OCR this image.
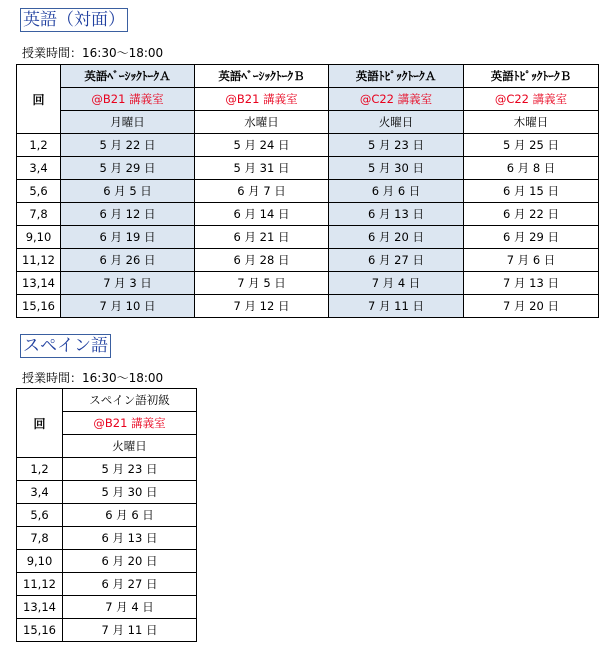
英語（対面）
授業時間：16:30〜18:00
回	英語ﾍﾞｰｼｯｸﾄｰｸＡ	英語ﾍﾞｰｼｯｸﾄｰｸＢ	英語ﾄﾋﾟｯｸﾄｰｸＡ	英語ﾄﾋﾟｯｸﾄｰｸＢ
	@B21 講義室	@B21 講義室	@C22 講義室	@C22 講義室
	月曜日	水曜日	火曜日	木曜日
1,2	5 月 22 日	5 月 24 日	5 月 23 日	5 月 25 日
3,4	5 月 29 日	5 月 31 日	5 月 30 日	6 月 8 日
5,6	6 月 5 日	6 月 7 日	6 月 6 日	6 月 15 日
7,8	6 月 12 日	6 月 14 日	6 月 13 日	6 月 22 日
9,10	6 月 19 日	6 月 21 日	6 月 20 日	6 月 29 日
11,12	6 月 26 日	6 月 28 日	6 月 27 日	7 月 6 日
13,14	7 月 3 日	7 月 5 日	7 月 4 日	7 月 13 日
15,16	7 月 10 日	7 月 12 日	7 月 11 日	7 月 20 日
スペイン語
授業時間：16:30〜18:00
回	スペイン語初級
	@B21 講義室
	火曜日
1,2	5 月 23 日
3,4	5 月 30 日
5,6	6 月 6 日
7,8	6 月 13 日
9,10	6 月 20 日
11,12	6 月 27 日
13,14	7 月 4 日
15,16	7 月 11 日
